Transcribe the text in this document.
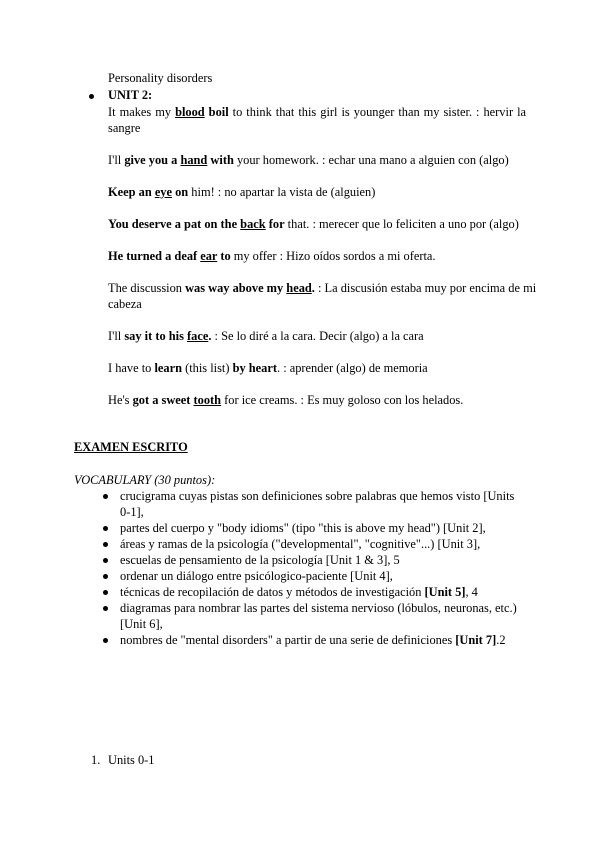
Personality disorders
UNIT 2:
It makes my blood boil to think that this girl is younger than my sister. : hervir la
sangre
I'll give you a hand with your homework. : echar una mano a alguien con (algo)
Keep an eye on him! : no apartar la vista de (alguien)
You deserve a pat on the back for that. : merecer que lo feliciten a uno por (algo)
He turned a deaf ear to my offer : Hizo oídos sordos a mi oferta.
The discussion was way above my head. : La discusión estaba muy por encima de mi
cabeza
I'll say it to his face. : Se lo diré a la cara. Decir (algo) a la cara
I have to learn (this list) by heart. : aprender (algo) de memoria
He's got a sweet tooth for ice creams. : Es muy goloso con los helados.
EXAMEN ESCRITO
VOCABULARY (30 puntos):
crucigrama cuyas pistas son definiciones sobre palabras que hemos visto [Units
0-1],
partes del cuerpo y "body idioms" (tipo "this is above my head") [Unit 2],
áreas y ramas de la psicología ("developmental", "cognitive"...) [Unit 3],
escuelas de pensamiento de la psicología [Unit 1 & 3], 5
ordenar un diálogo entre psicólogico-paciente [Unit 4],
técnicas de recopilación de datos y métodos de investigación [Unit 5], 4
diagramas para nombrar las partes del sistema nervioso (lóbulos, neuronas, etc.)
[Unit 6],
nombres de "mental disorders" a partir de una serie de definiciones [Unit 7].2
1. Units 0-1
